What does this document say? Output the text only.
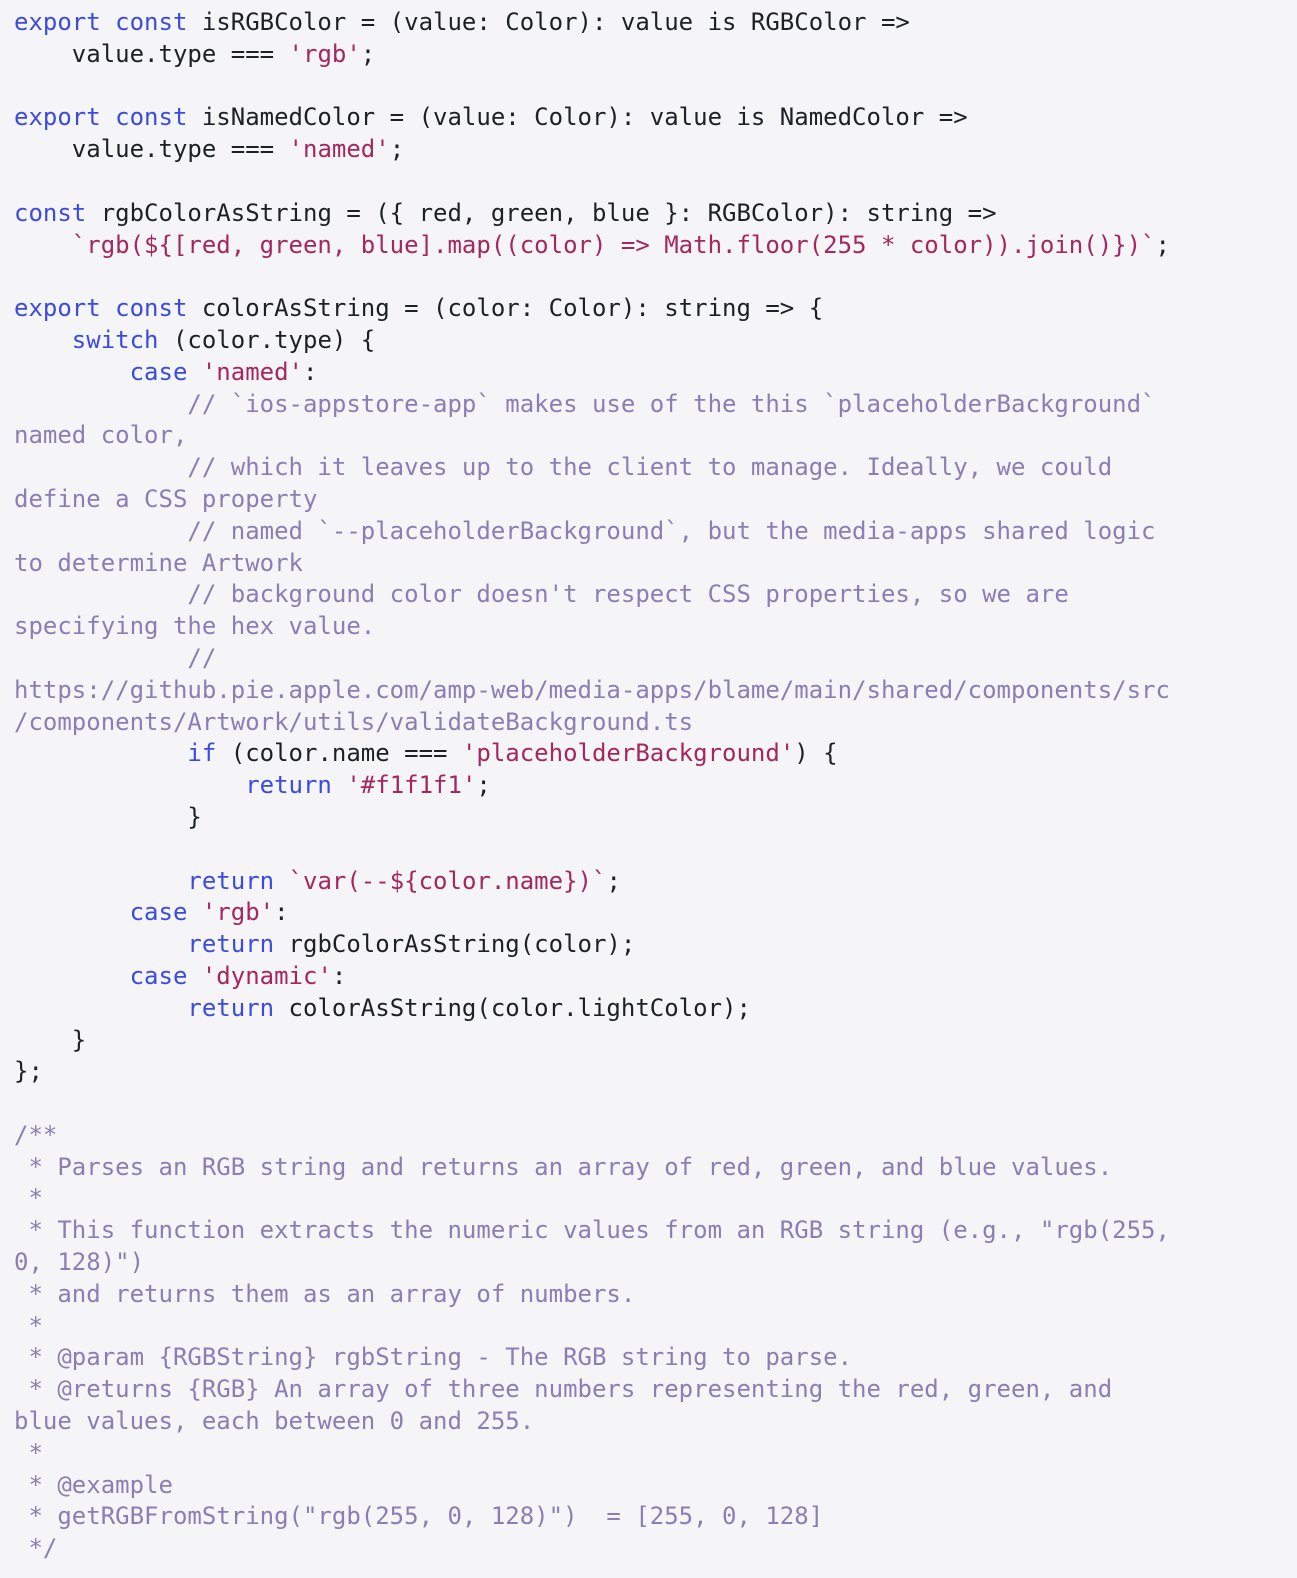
export const isRGBColor = (value: Color): value is RGBColor =>
value.type === 'rgb';
export const isNamedColor = (value: Color): value is NamedColor =>
value.type === 'named';
const rgbColorAsString = ({ red, green, blue }: RGBColor): string =>
`rgb(${[red, green, blue].map((color) => Math.floor(255 * color)).join()})`;
export const colorAsString = (color: Color): string => {
switch (color.type) {
case 'named':
// `ios-appstore-app` makes use of the this `placeholderBackground`
named color,
// which it leaves up to the client to manage. Ideally, we could
define a CSS property
// named `--placeholderBackground`, but the media-apps shared logic
to determine Artwork
// background color doesn't respect CSS properties, so we are
specifying the hex value.
//
https://github.pie.apple.com/amp-web/media-apps/blame/main/shared/components/src
/components/Artwork/utils/validateBackground.ts
if (color.name === 'placeholderBackground') {
return '#f1f1f1';
}
return `var(--${color.name})`;
case 'rgb':
return rgbColorAsString(color);
case 'dynamic':
return colorAsString(color.lightColor);
}
};
/**
* Parses an RGB string and returns an array of red, green, and blue values.
*
* This function extracts the numeric values from an RGB string (e.g., "rgb(255,
0, 128)")
* and returns them as an array of numbers.
*
* @param {RGBString} rgbString - The RGB string to parse.
* @returns {RGB} An array of three numbers representing the red, green, and
blue values, each between 0 and 255.
*
* @example
* getRGBFromString("rgb(255, 0, 128)")  = [255, 0, 128]
*/
